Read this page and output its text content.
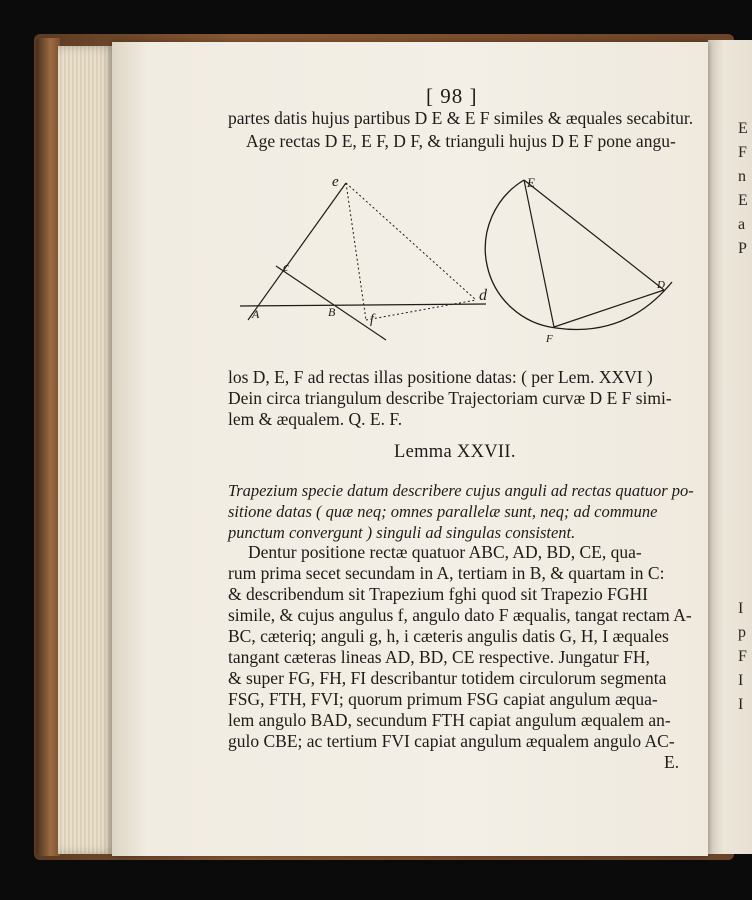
E
F
n
E
a
P
I
p
F
I
I
[ 98 ]
partes datis hujus partibus D E & E F similes & æquales secabitur.
Age rectas D E, E F, D F, & trianguli hujus D E F pone angu-
e
c
A	B f
d
E
D
F
los D, E, F ad rectas illas positione datas: ( per Lem. XXVI )
Dein circa triangulum describe Trajectoriam curvæ D E F simi-
lem & æqualem. Q. E. F.
Lemma XXVII.
Trapezium specie datum describere cujus anguli ad rectas quatuor po-
sitione datas ( quæ neq; omnes parallelæ sunt, neq; ad commune
punctum convergunt ) singuli ad singulas consistent.
Dentur positione rectæ quatuor ABC, AD, BD, CE, qua-
rum prima secet secundam in A, tertiam in B, & quartam in C:
& describendum sit Trapezium fghi quod sit Trapezio FGHI
simile, & cujus angulus f, angulo dato F æqualis, tangat rectam A-
BC, cæteriq; anguli g, h, i cæteris angulis datis G, H, I æquales
tangant cæteras lineas AD, BD, CE respective. Jungatur FH,
& super FG, FH, FI describantur totidem circulorum segmenta
FSG, FTH, FVI; quorum primum FSG capiat angulum æqua-
lem angulo BAD, secundum FTH capiat angulum æqualem an-
gulo CBE; ac tertium FVI capiat angulum æqualem angulo AC-
E.
